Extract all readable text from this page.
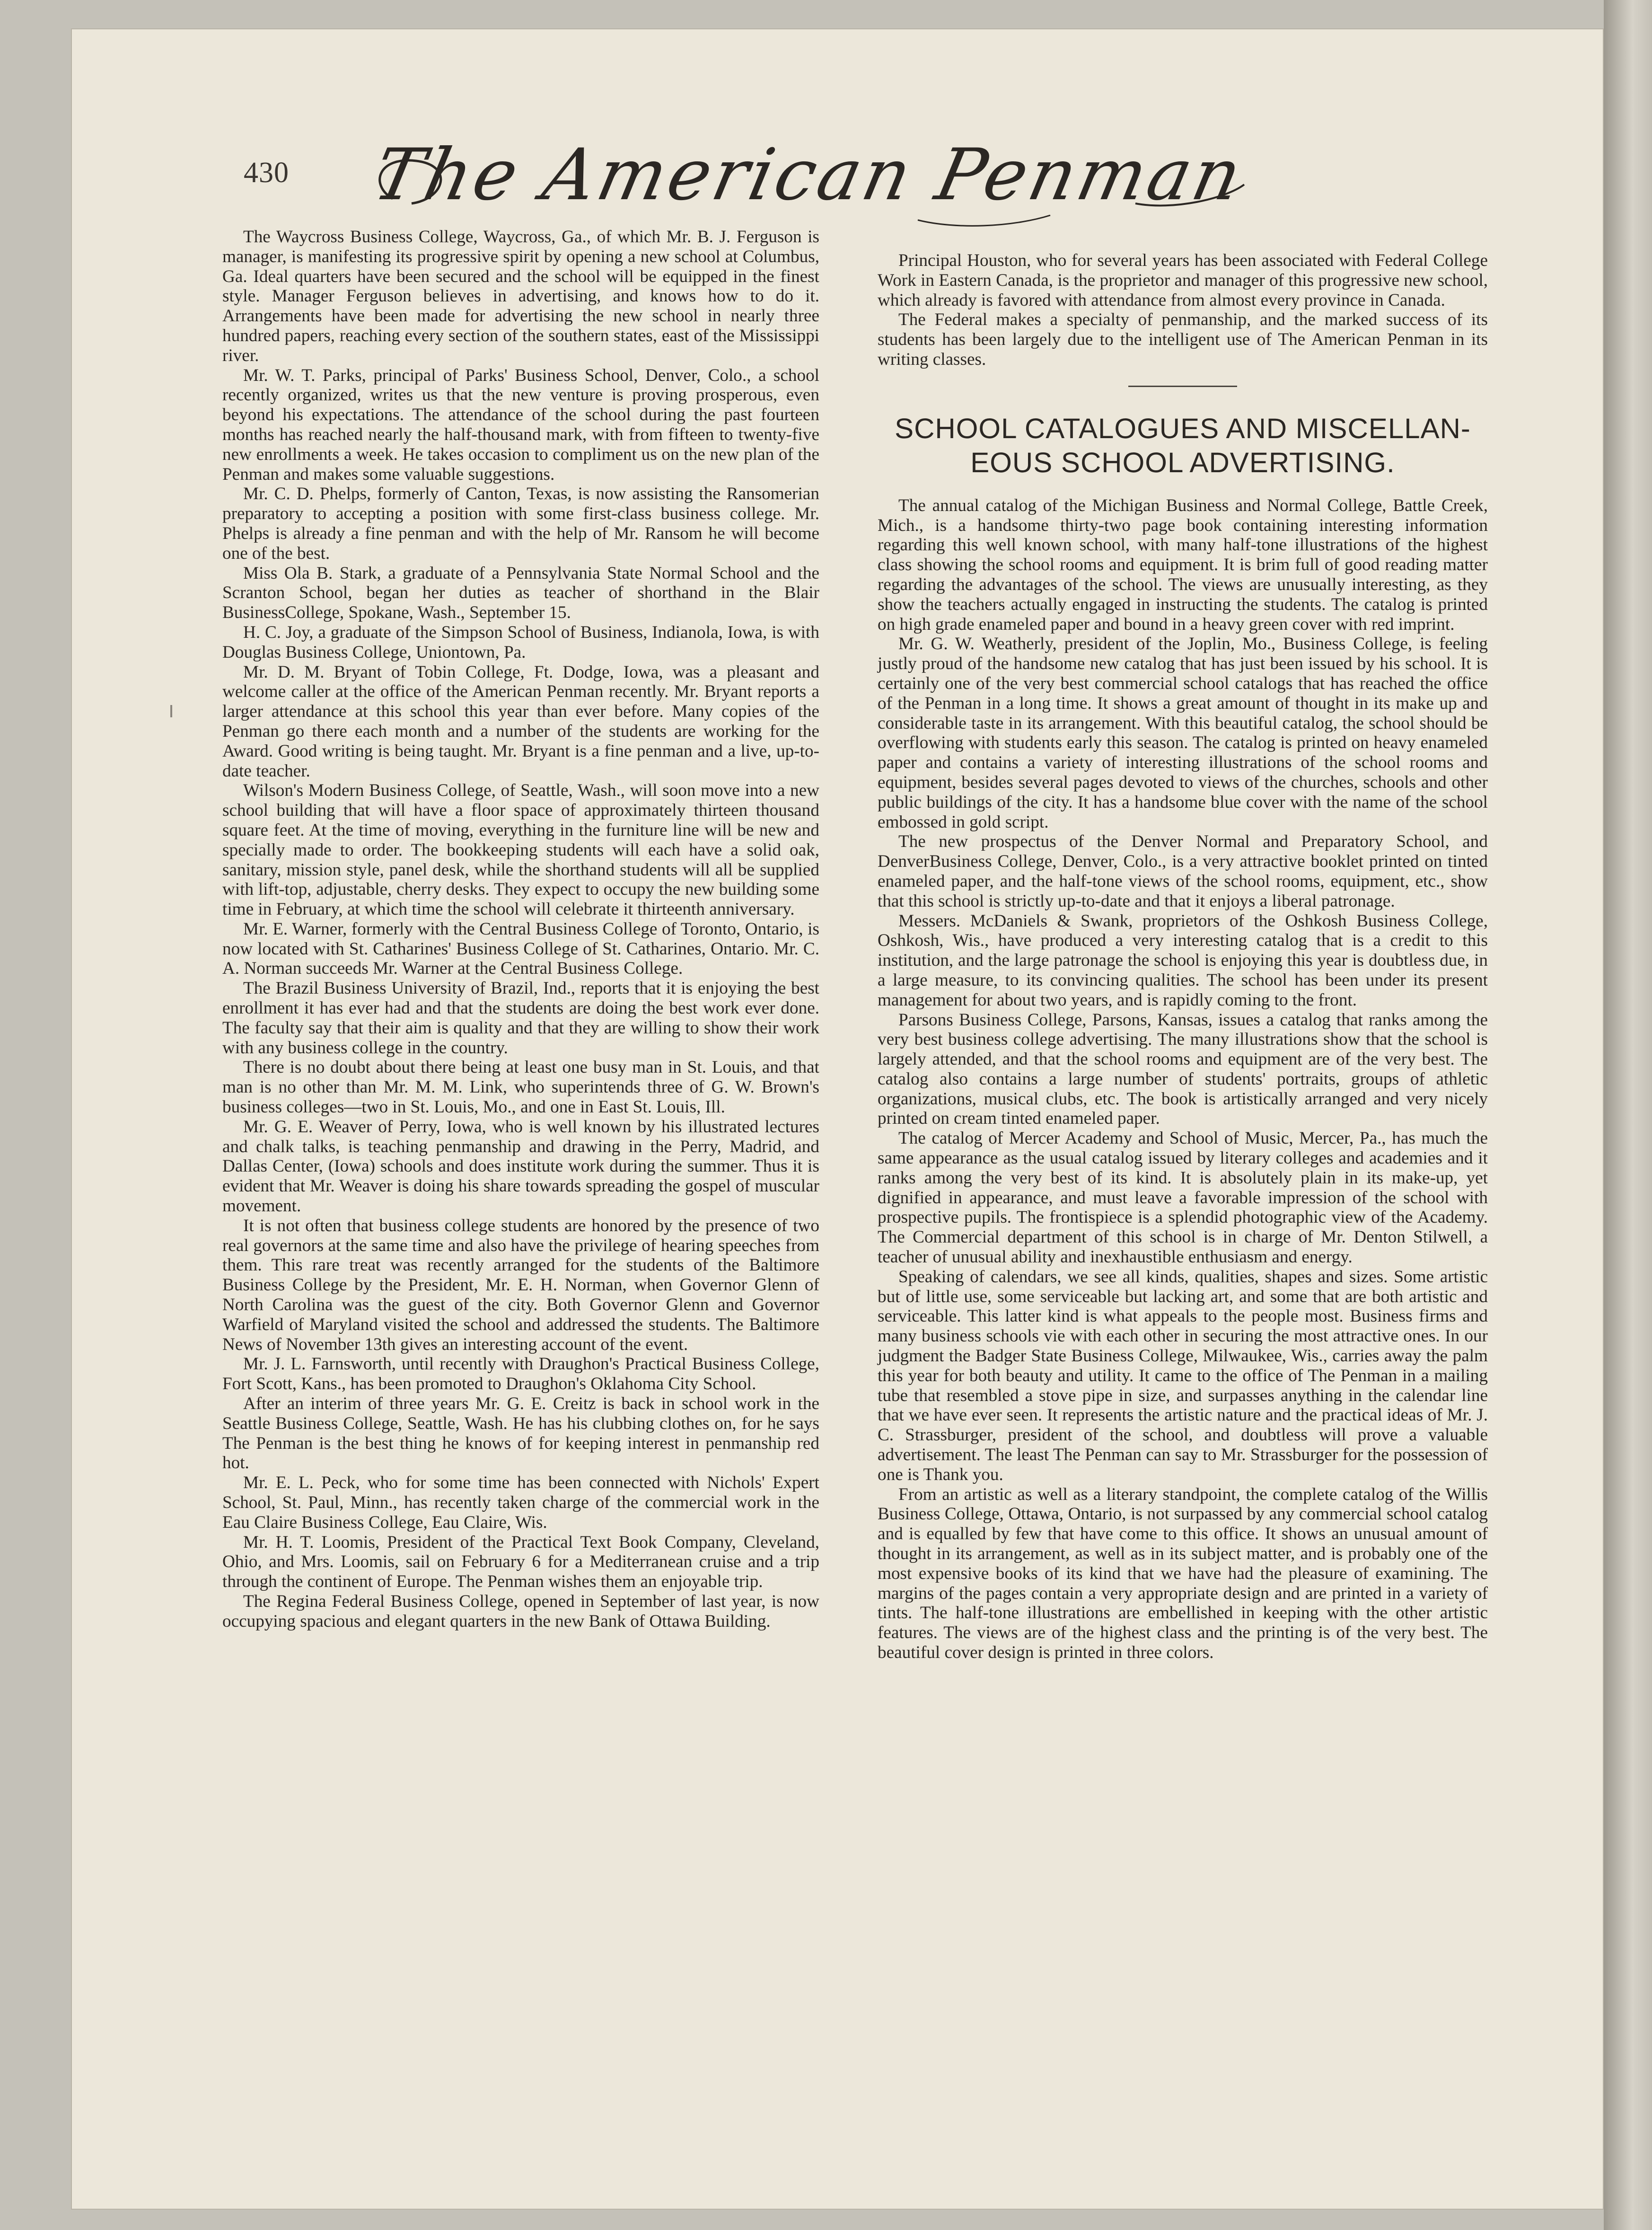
430 The American Penman

The Waycross Business College, Waycross, Ga., of which Mr. B. J. Ferguson is manager, is manifesting its progressive spirit by opening a new school at Columbus, Ga. Ideal quarters have been secured and the school will be equipped in the finest style. Manager Ferguson believes in advertising, and knows how to do it. Arrangements have been made for advertising the new school in nearly three hundred papers, reaching every section of the southern states, east of the Mississippi river.

Mr. W. T. Parks, principal of Parks' Business School, Denver, Colo., a school recently organized, writes us that the new venture is proving prosperous, even beyond his expectations. The attendance of the school during the past fourteen months has reached nearly the half-thousand mark, with from fifteen to twenty-five new enrollments a week. He takes occasion to compliment us on the new plan of the Penman and makes some valuable suggestions.

Mr. C. D. Phelps, formerly of Canton, Texas, is now assisting the Ransomerian preparatory to accepting a position with some first-class business college. Mr. Phelps is already a fine penman and with the help of Mr. Ransom he will become one of the best.

Miss Ola B. Stark, a graduate of a Pennsylvania State Normal School and the Scranton School, began her duties as teacher of shorthand in the Blair BusinessCollege, Spokane, Wash., September 15.

H. C. Joy, a graduate of the Simpson School of Business, Indianola, Iowa, is with Douglas Business College, Uniontown, Pa.

Mr. D. M. Bryant of Tobin College, Ft. Dodge, Iowa, was a pleasant and welcome caller at the office of the American Penman recently. Mr. Bryant reports a larger attendance at this school this year than ever before. Many copies of the Penman go there each month and a number of the students are working for the Award. Good writing is being taught. Mr. Bryant is a fine penman and a live, up-to-date teacher.

Wilson's Modern Business College, of Seattle, Wash., will soon move into a new school building that will have a floor space of approximately thirteen thousand square feet. At the time of moving, everything in the furniture line will be new and specially made to order. The bookkeeping students will each have a solid oak, sanitary, mission style, panel desk, while the shorthand students will all be supplied with lift-top, adjustable, cherry desks. They expect to occupy the new building some time in February, at which time the school will celebrate it thirteenth anniversary.

Mr. E. Warner, formerly with the Central Business College of Toronto, Ontario, is now located with St. Catharines' Business College of St. Catharines, Ontario. Mr. C. A. Norman succeeds Mr. Warner at the Central Business College.

The Brazil Business University of Brazil, Ind., reports that it is enjoying the best enrollment it has ever had and that the students are doing the best work ever done. The faculty say that their aim is quality and that they are willing to show their work with any business college in the country.

There is no doubt about there being at least one busy man in St. Louis, and that man is no other than Mr. M. M. Link, who superintends three of G. W. Brown's business colleges—two in St. Louis, Mo., and one in East St. Louis, Ill.

Mr. G. E. Weaver of Perry, Iowa, who is well known by his illustrated lectures and chalk talks, is teaching penmanship and drawing in the Perry, Madrid, and Dallas Center, (Iowa) schools and does institute work during the summer. Thus it is evident that Mr. Weaver is doing his share towards spreading the gospel of muscular movement.

It is not often that business college students are honored by the presence of two real governors at the same time and also have the privilege of hearing speeches from them. This rare treat was recently arranged for the students of the Baltimore Business College by the President, Mr. E. H. Norman, when Governor Glenn of North Carolina was the guest of the city. Both Governor Glenn and Governor Warfield of Maryland visited the school and addressed the students. The Baltimore News of November 13th gives an interesting account of the event.

Mr. J. L. Farnsworth, until recently with Draughon's Practical Business College, Fort Scott, Kans., has been promoted to Draughon's Oklahoma City School.

After an interim of three years Mr. G. E. Creitz is back in school work in the Seattle Business College, Seattle, Wash. He has his clubbing clothes on, for he says The Penman is the best thing he knows of for keeping interest in penmanship red hot.

Mr. E. L. Peck, who for some time has been connected with Nichols' Expert School, St. Paul, Minn., has recently taken charge of the commercial work in the Eau Claire Business College, Eau Claire, Wis.

Mr. H. T. Loomis, President of the Practical Text Book Company, Cleveland, Ohio, and Mrs. Loomis, sail on February 6 for a Mediterranean cruise and a trip through the continent of Europe. The Penman wishes them an enjoyable trip.

The Regina Federal Business College, opened in September of last year, is now occupying spacious and elegant quarters in the new Bank of Ottawa Building.

Principal Houston, who for several years has been associated with Federal College Work in Eastern Canada, is the proprietor and manager of this progressive new school, which already is favored with attendance from almost every province in Canada.

The Federal makes a specialty of penmanship, and the marked success of its students has been largely due to the intelligent use of The American Penman in its writing classes.

SCHOOL CATALOGUES AND MISCELLAN-
EOUS SCHOOL ADVERTISING.

The annual catalog of the Michigan Business and Normal College, Battle Creek, Mich., is a handsome thirty-two page book containing interesting information regarding this well known school, with many half-tone illustrations of the highest class showing the school rooms and equipment. It is brim full of good reading matter regarding the advantages of the school. The views are unusually interesting, as they show the teachers actually engaged in instructing the students. The catalog is printed on high grade enameled paper and bound in a heavy green cover with red imprint.

Mr. G. W. Weatherly, president of the Joplin, Mo., Business College, is feeling justly proud of the handsome new catalog that has just been issued by his school. It is certainly one of the very best commercial school catalogs that has reached the office of the Penman in a long time. It shows a great amount of thought in its make up and considerable taste in its arrangement. With this beautiful catalog, the school should be overflowing with students early this season. The catalog is printed on heavy enameled paper and contains a variety of interesting illustrations of the school rooms and equipment, besides several pages devoted to views of the churches, schools and other public buildings of the city. It has a handsome blue cover with the name of the school embossed in gold script.

The new prospectus of the Denver Normal and Preparatory School, and DenverBusiness College, Denver, Colo., is a very attractive booklet printed on tinted enameled paper, and the half-tone views of the school rooms, equipment, etc., show that this school is strictly up-to-date and that it enjoys a liberal patronage.

Messers. McDaniels & Swank, proprietors of the Oshkosh Business College, Oshkosh, Wis., have produced a very interesting catalog that is a credit to this institution, and the large patronage the school is enjoying this year is doubtless due, in a large measure, to its convincing qualities. The school has been under its present management for about two years, and is rapidly coming to the front.

Parsons Business College, Parsons, Kansas, issues a catalog that ranks among the very best business college advertising. The many illustrations show that the school is largely attended, and that the school rooms and equipment are of the very best. The catalog also contains a large number of students' portraits, groups of athletic organizations, musical clubs, etc. The book is artistically arranged and very nicely printed on cream tinted enameled paper.

The catalog of Mercer Academy and School of Music, Mercer, Pa., has much the same appearance as the usual catalog issued by literary colleges and academies and it ranks among the very best of its kind. It is absolutely plain in its make-up, yet dignified in appearance, and must leave a favorable impression of the school with prospective pupils. The frontispiece is a splendid photographic view of the Academy. The Commercial department of this school is in charge of Mr. Denton Stilwell, a teacher of unusual ability and inexhaustible enthusiasm and energy.

Speaking of calendars, we see all kinds, qualities, shapes and sizes. Some artistic but of little use, some serviceable but lacking art, and some that are both artistic and serviceable. This latter kind is what appeals to the people most. Business firms and many business schools vie with each other in securing the most attractive ones. In our judgment the Badger State Business College, Milwaukee, Wis., carries away the palm this year for both beauty and utility. It came to the office of The Penman in a mailing tube that resembled a stove pipe in size, and surpasses anything in the calendar line that we have ever seen. It represents the artistic nature and the practical ideas of Mr. J. C. Strassburger, president of the school, and doubtless will prove a valuable advertisement. The least The Penman can say to Mr. Strassburger for the possession of one is Thank you.

From an artistic as well as a literary standpoint, the complete catalog of the Willis Business College, Ottawa, Ontario, is not surpassed by any commercial school catalog and is equalled by few that have come to this office. It shows an unusual amount of thought in its arrangement, as well as in its subject matter, and is probably one of the most expensive books of its kind that we have had the pleasure of examining. The margins of the pages contain a very appropriate design and are printed in a variety of tints. The half-tone illustrations are embellished in keeping with the other artistic features. The views are of the highest class and the printing is of the very best. The beautiful cover design is printed in three colors.
